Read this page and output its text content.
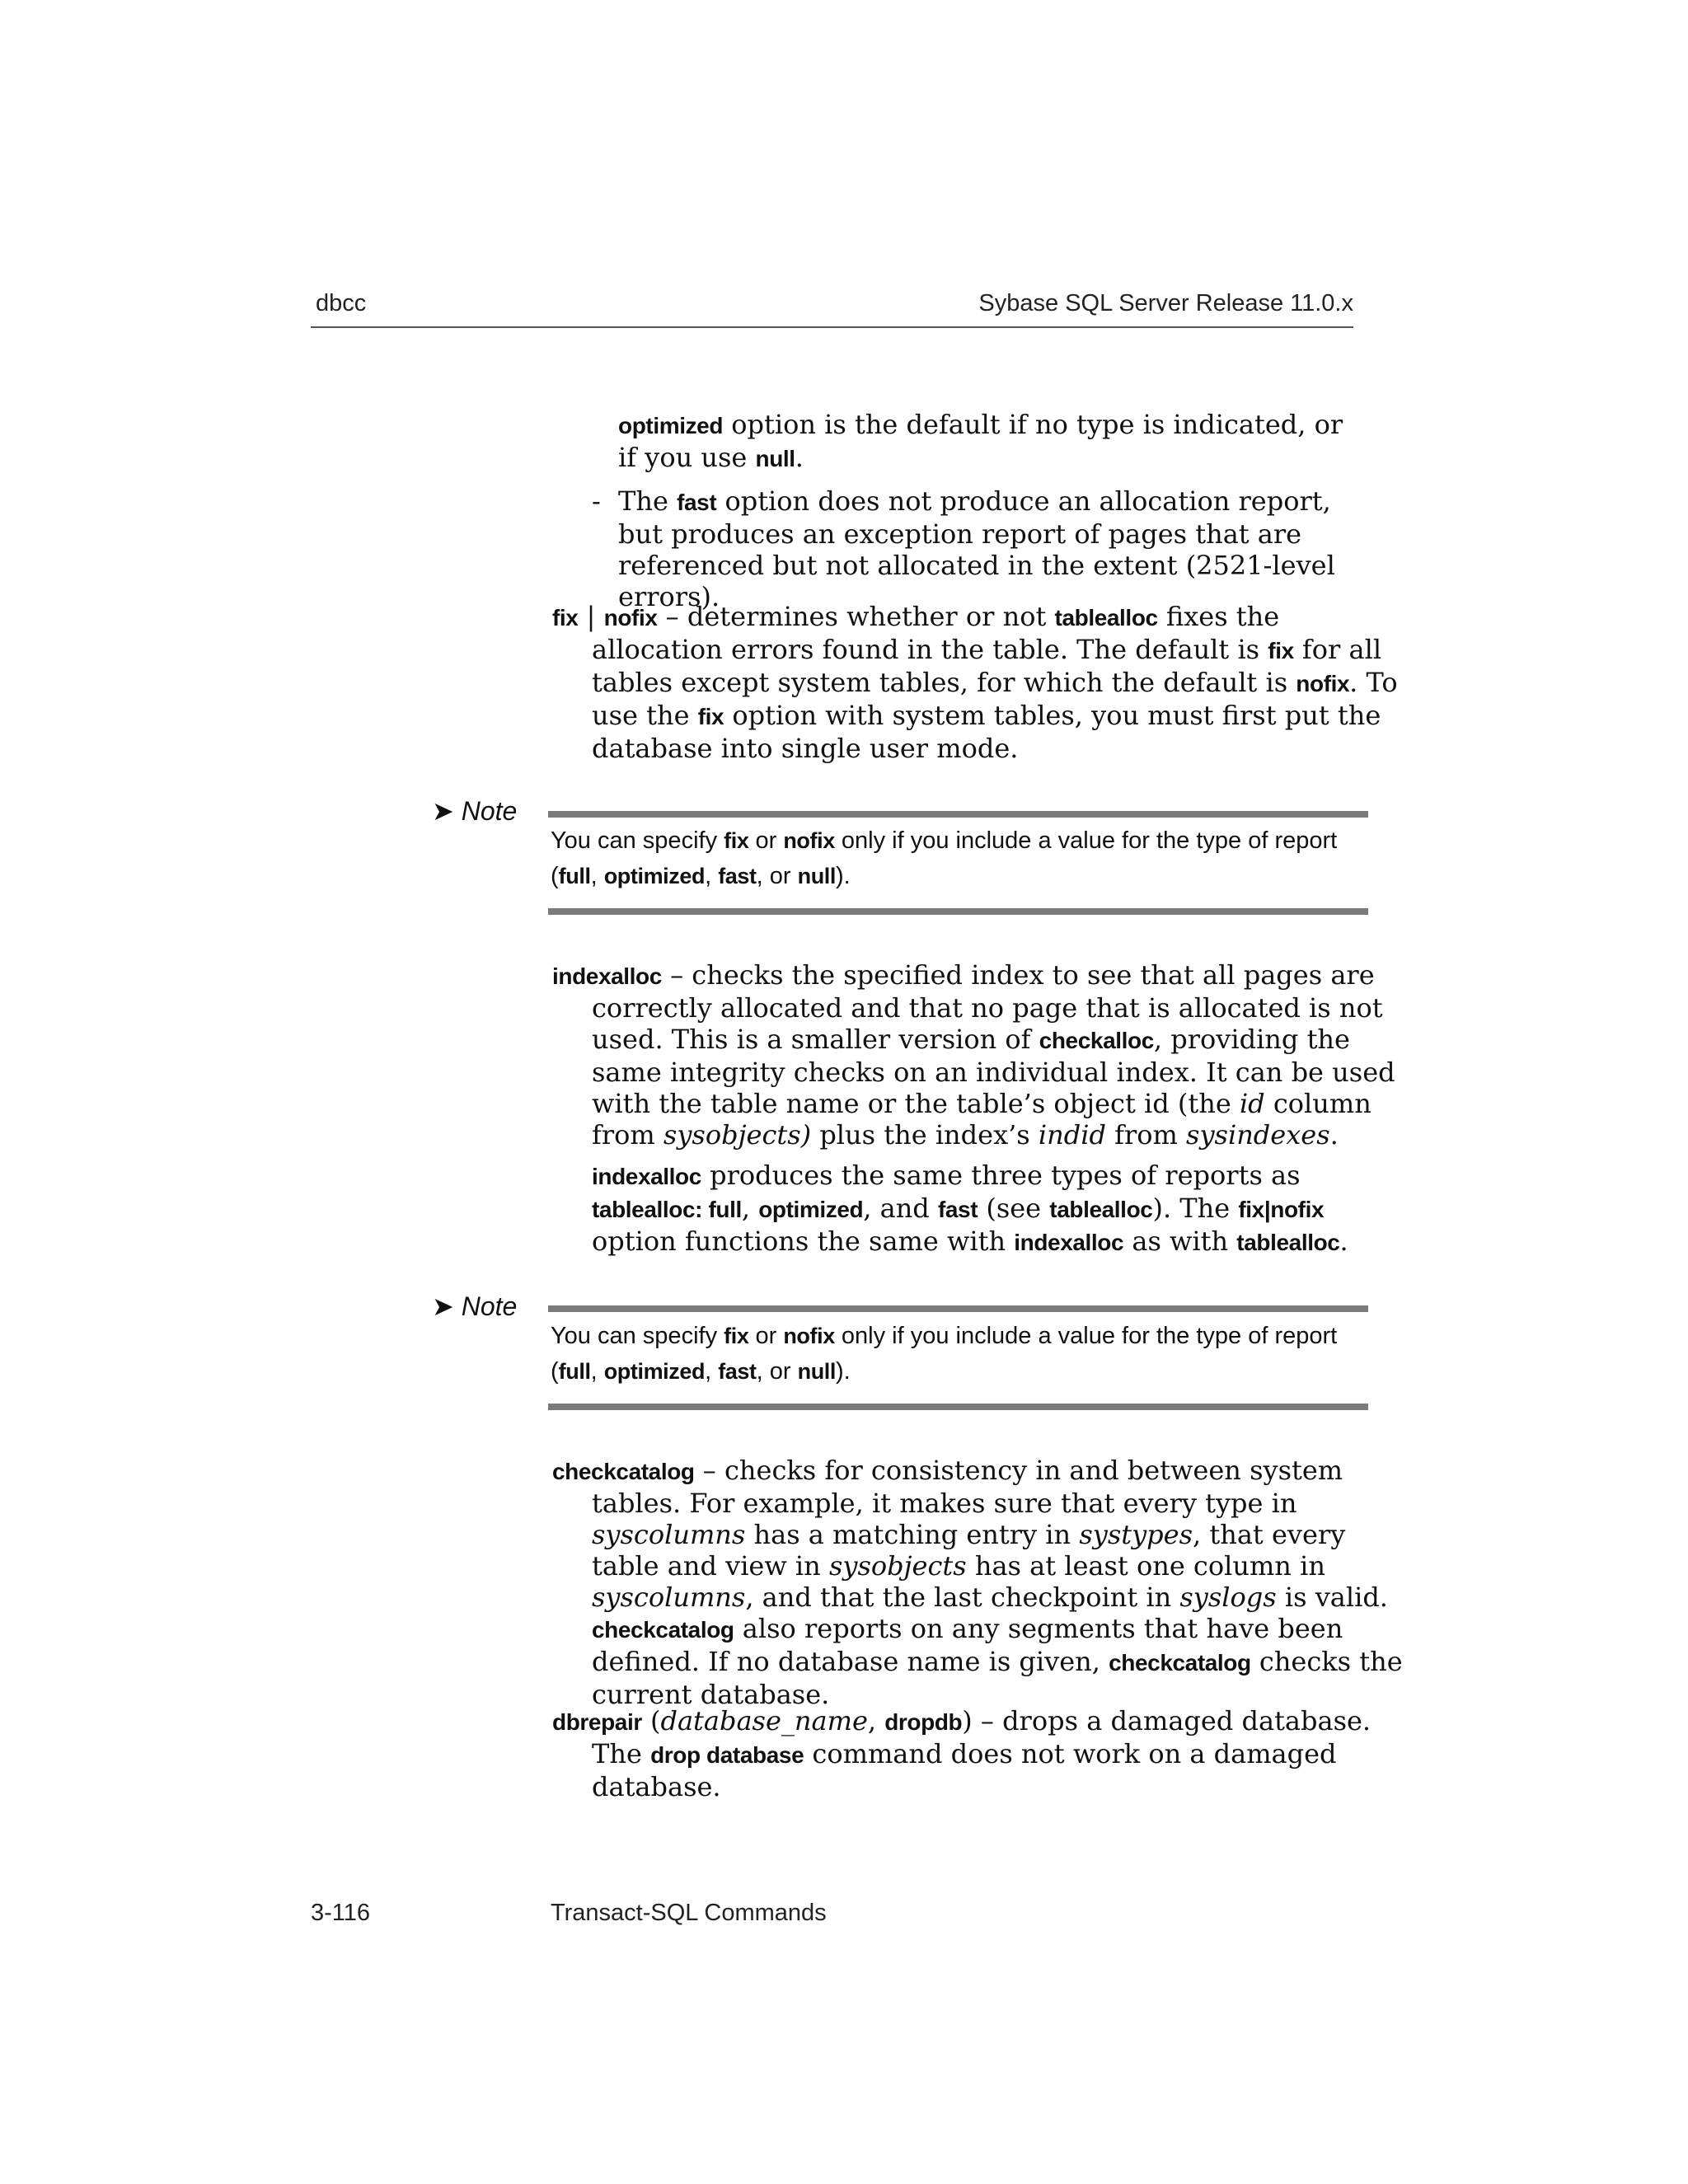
dbcc	Sybase SQL Server Release 11.0.x
optimized option is the default if no type is indicated, or if you use null.
- The fast option does not produce an allocation report, but produces an exception report of pages that are referenced but not allocated in the extent (2521-level errors).
fix | nofix – determines whether or not tablealloc fixes the allocation errors found in the table. The default is fix for all tables except system tables, for which the default is nofix. To use the fix option with system tables, you must first put the database into single user mode.
➤ Note
You can specify fix or nofix only if you include a value for the type of report (full, optimized, fast, or null).
indexalloc – checks the specified index to see that all pages are correctly allocated and that no page that is allocated is not used. This is a smaller version of checkalloc, providing the same integrity checks on an individual index. It can be used with the table name or the table’s object id (the id column from sysobjects) plus the index’s indid from sysindexes.
indexalloc produces the same three types of reports as tablealloc: full, optimized, and fast (see tablealloc). The fix|nofix option functions the same with indexalloc as with tablealloc.
➤ Note
You can specify fix or nofix only if you include a value for the type of report (full, optimized, fast, or null).
checkcatalog – checks for consistency in and between system tables. For example, it makes sure that every type in syscolumns has a matching entry in systypes, that every table and view in sysobjects has at least one column in syscolumns, and that the last checkpoint in syslogs is valid. checkcatalog also reports on any segments that have been defined. If no database name is given, checkcatalog checks the current database.
dbrepair (database_name, dropdb) – drops a damaged database. The drop database command does not work on a damaged database.
3-116	Transact-SQL Commands
